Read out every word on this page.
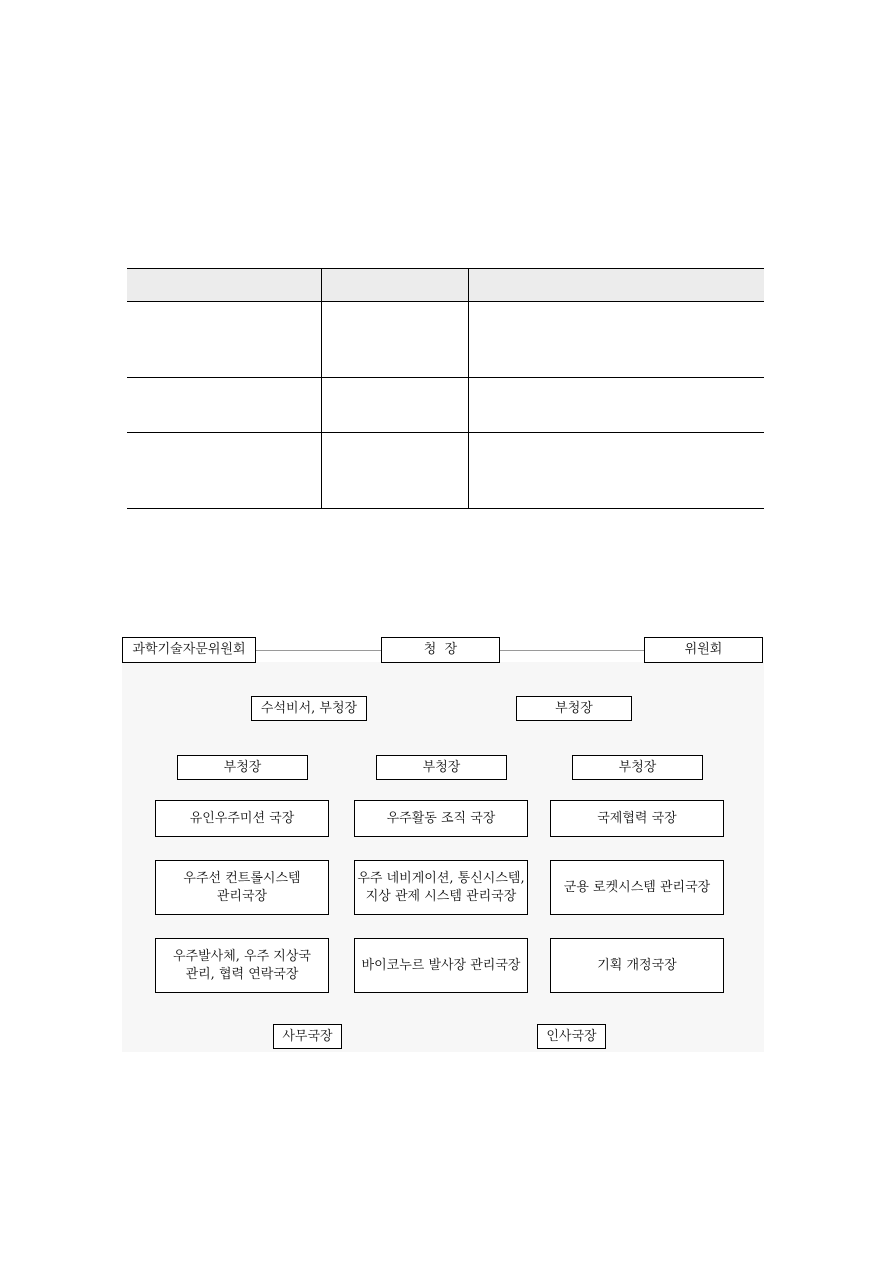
과학기술자문위원회	청  장	위원회
수석비서, 부청장	부청장
부청장	부청장	부청장
유인우주미션 국장	우주활동 조직 국장	국제협력 국장
우주선 컨트롤시스템
관리국장
우주 네비게이션, 통신시스템,
지상 관제 시스템 관리국장
군용 로켓시스템 관리국장
우주발사체, 우주 지상국
관리, 협력 연락국장
바이코누르 발사장 관리국장	기획 개정국장
사무국장	인사국장
